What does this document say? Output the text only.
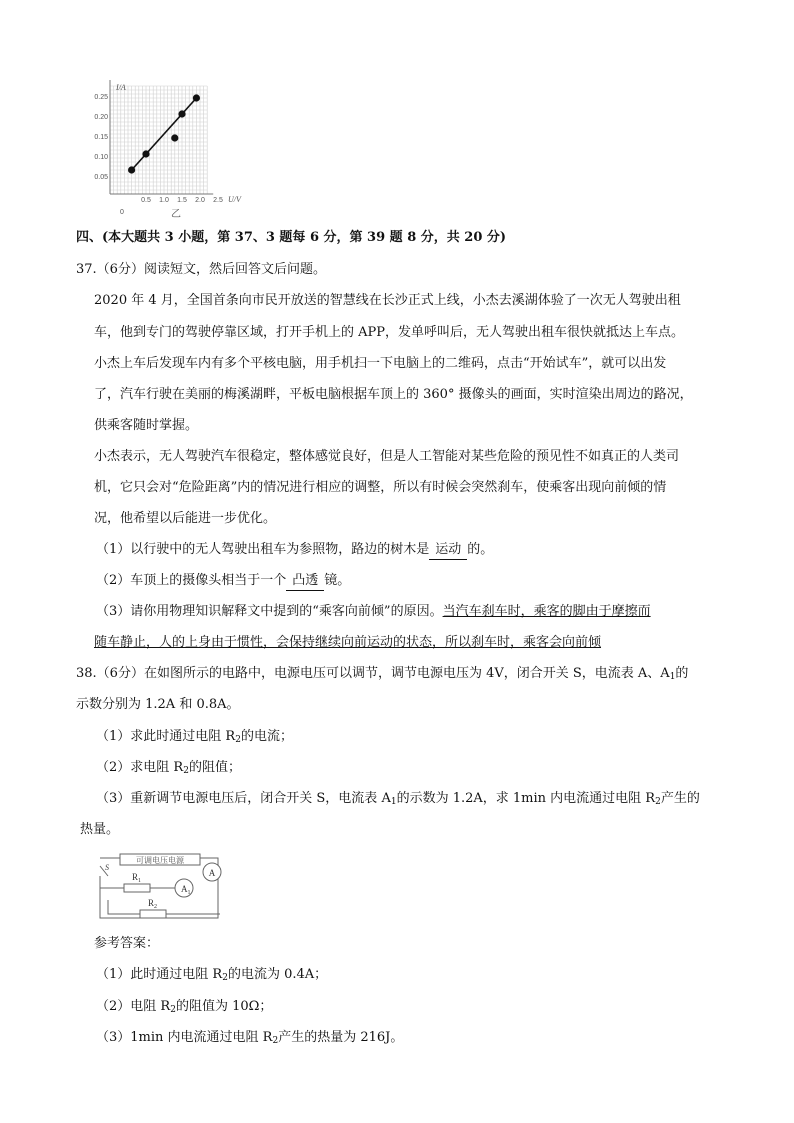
0.25
0.20
0.15
0.10
0.05
0.5 1.0 1.5 2.0 2.5
I/A
U/V
0	乙
四、(本大题共 3 小题，第 37、3 题每 6 分，第 39 题 8 分，共 20 分)
37.（6分）阅读短文，然后回答文后问题。
2020 年 4 月，全国首条向市民开放送的智慧线在长沙正式上线，小杰去溪湖体验了一次无人驾驶出租
车，他到专门的驾驶停靠区域，打开手机上的 APP，发单呼叫后，无人驾驶出租车很快就抵达上车点。
小杰上车后发现车内有多个平核电脑，用手机扫一下电脑上的二维码，点击“开始试车”，就可以出发
了，汽车行驶在美丽的梅溪湖畔，平板电脑根据车顶上的 360° 摄像头的画面，实时渲染出周边的路况，
供乘客随时掌握。
小杰表示，无人驾驶汽车很稳定，整体感觉良好，但是人工智能对某些危险的预见性不如真正的人类司
机，它只会对“危险距离”内的情况进行相应的调整，所以有时候会突然刹车，使乘客出现向前倾的情
况，他希望以后能进一步优化。
（1）以行驶中的无人驾驶出租车为参照物，路边的树木是 运动 的。
（2）车顶上的摄像头相当于一个 凸透 镜。
（3）请你用物理知识解释文中提到的“乘客向前倾”的原因。当汽车刹车时，乘客的脚由于摩擦而
随车静止，人的上身由于惯性，会保持继续向前运动的状态，所以刹车时，乘客会向前倾
38.（6分）在如图所示的电路中，电源电压可以调节，调节电源电压为 4V，闭合开关 S，电流表 A、$A_1$的
示数分别为 1.2A 和 0.8A。
（1）求此时通过电阻 $R_2$的电流；
（2）求电阻 $R_2$的阻值；
（3）重新调节电源电压后，闭合开关 S，电流表 $A_1$的示数为 1.2A，求 1min 内电流通过电阻 $R_2$产生的
热量。
可调电压电源
S
$R_1$
$A_1$
A
$R_2$
参考答案：
（1）此时通过电阻 $R_2$的电流为 0.4A；
（2）电阻 $R_2$的阻值为 10Ω；
（3）1min 内电流通过电阻 $R_2$产生的热量为 216J。
